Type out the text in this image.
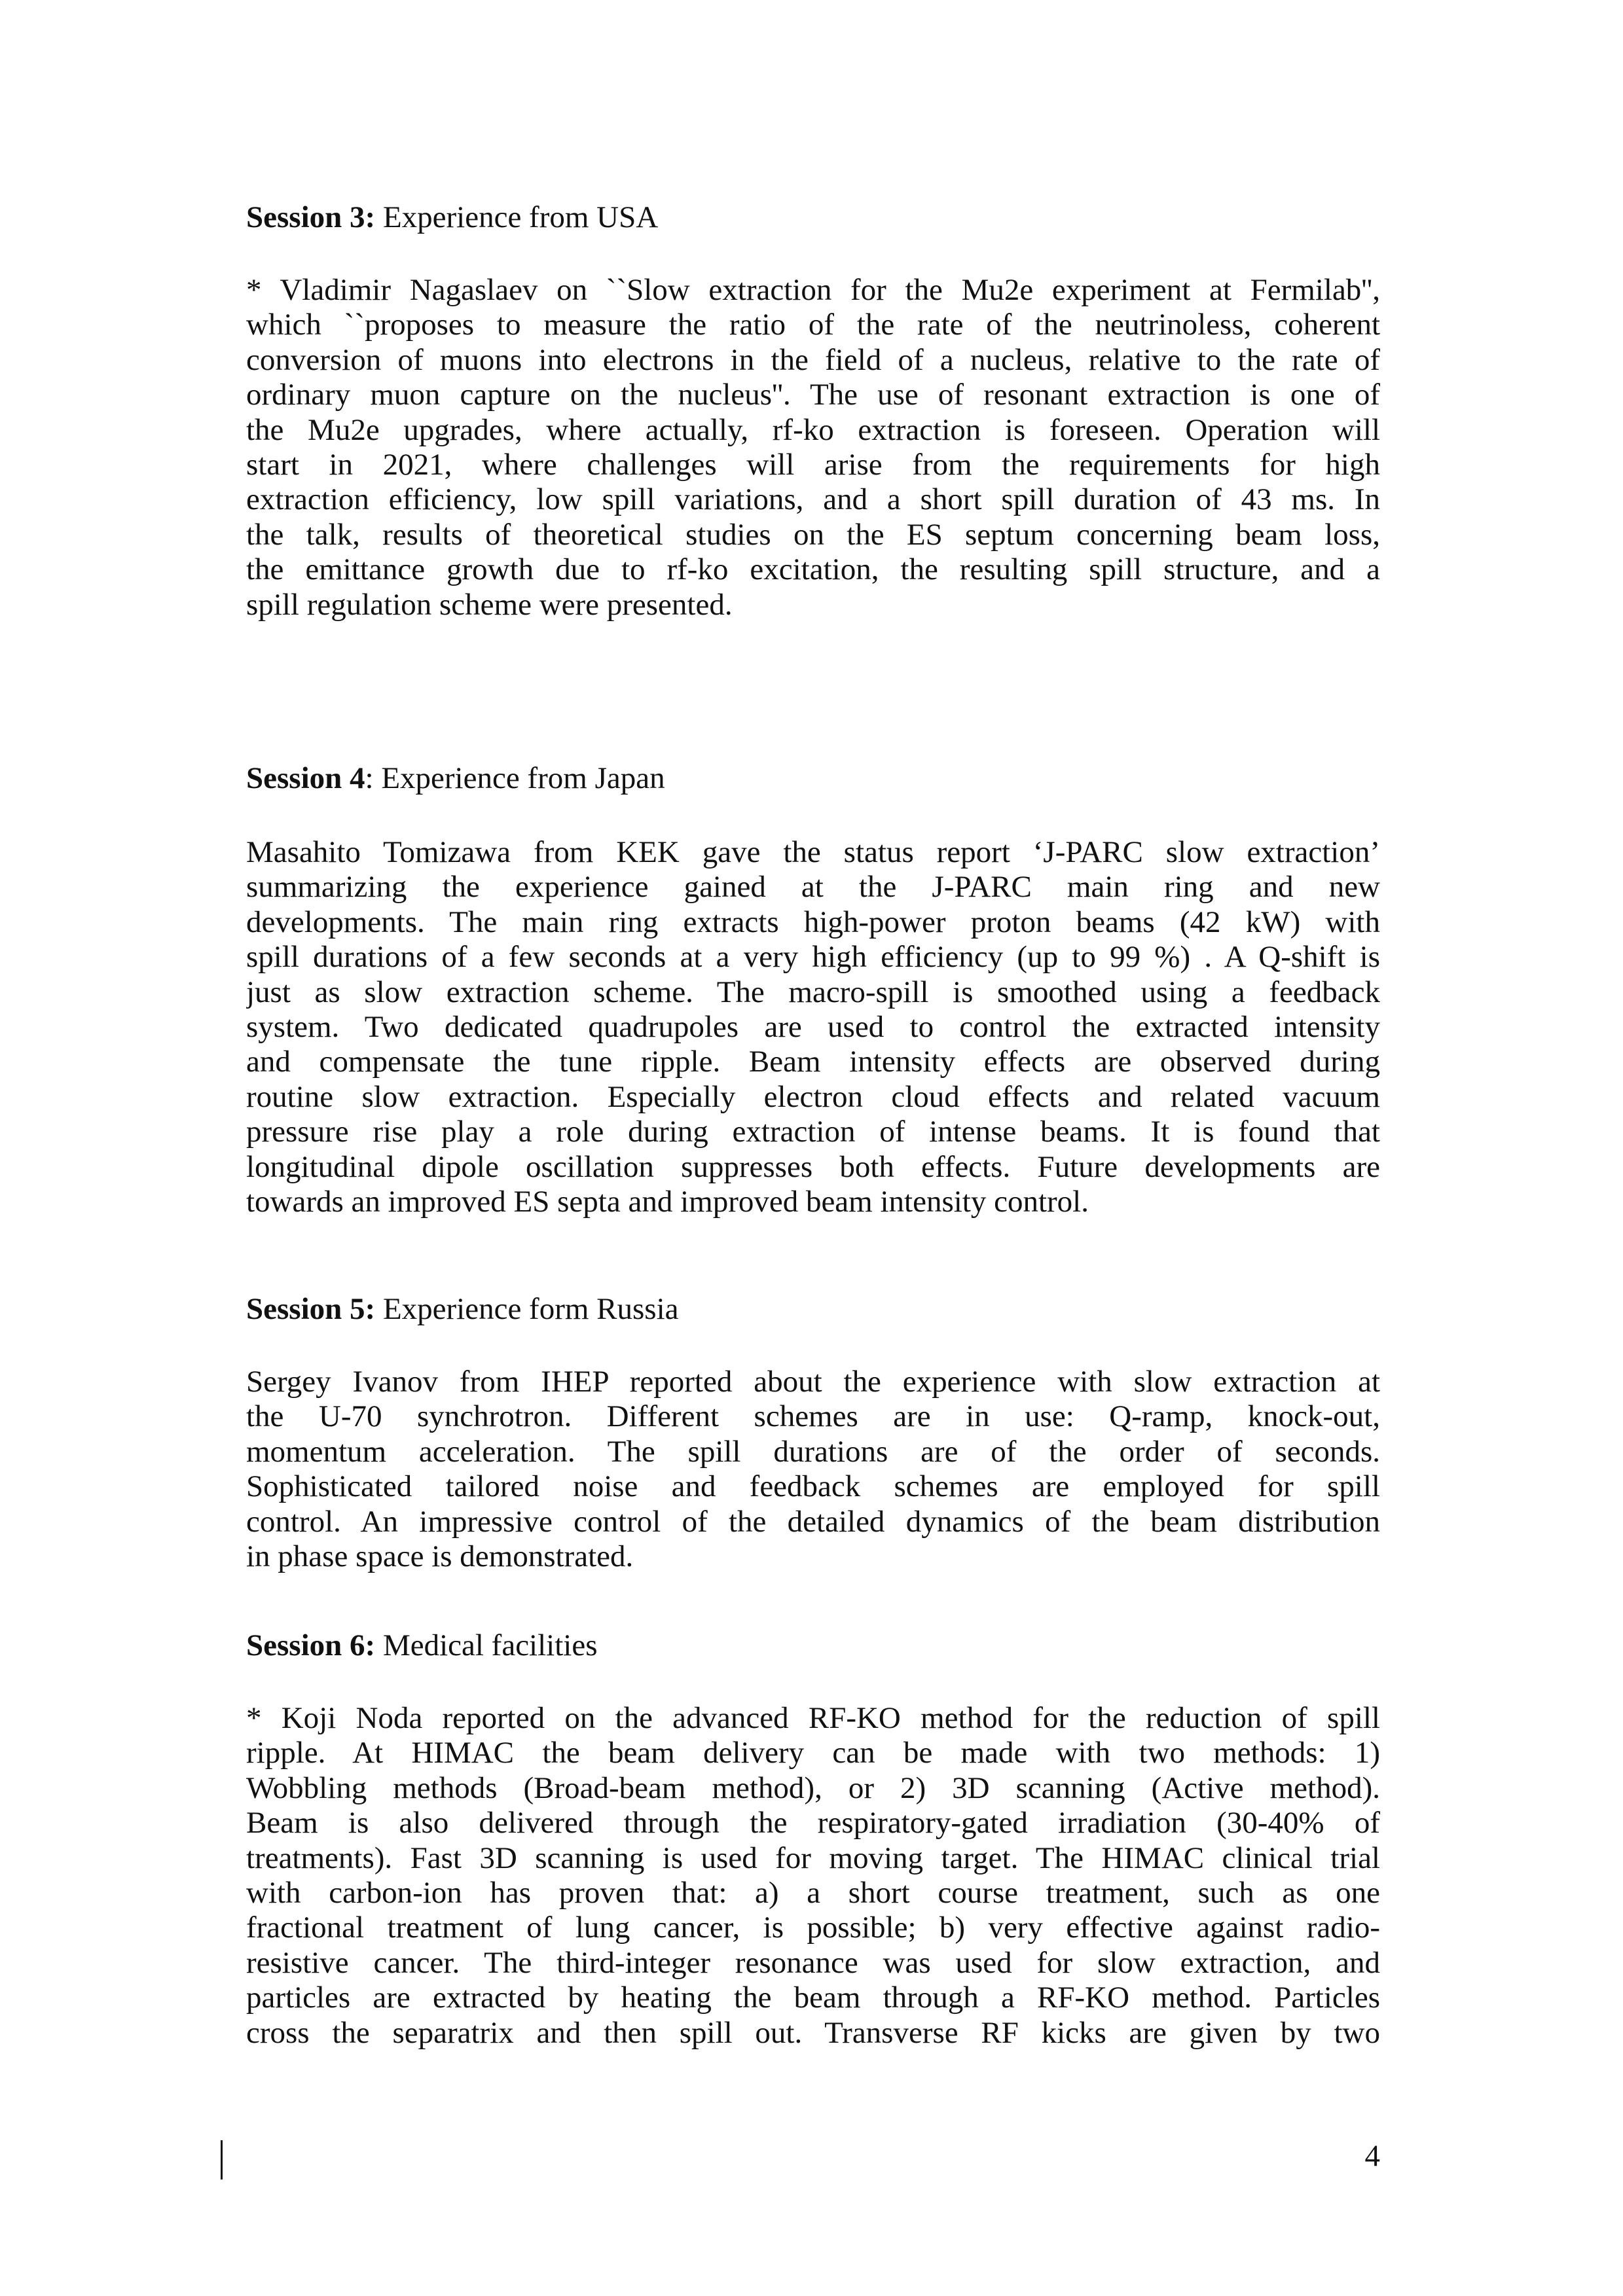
Session 3: Experience from USA
* Vladimir Nagaslaev on ``Slow extraction for the Mu2e experiment at Fermilab'',
which ``proposes to measure the ratio of the rate of the neutrinoless, coherent
conversion of muons into electrons in the field of a nucleus, relative to the rate of
ordinary muon capture on the nucleus''. The use of resonant extraction is one of
the Mu2e upgrades, where actually, rf-ko extraction is foreseen. Operation will
start in 2021, where challenges will arise from the requirements for high
extraction efficiency, low spill variations, and a short spill duration of 43 ms. In
the talk, results of theoretical studies on the ES septum concerning beam loss,
the emittance growth due to rf-ko excitation, the resulting spill structure, and a
spill regulation scheme were presented.
Session 4: Experience from Japan
Masahito Tomizawa from KEK gave the status report ‘J-PARC slow extraction’
summarizing the experience gained at the J-PARC main ring and new
developments. The main ring extracts high-power proton beams (42 kW) with
spill durations of a few seconds at a very high efficiency (up to 99 %) . A Q-shift is
just as slow extraction scheme. The macro-spill is smoothed using a feedback
system. Two dedicated quadrupoles are used to control the extracted intensity
and compensate the tune ripple. Beam intensity effects are observed during
routine slow extraction. Especially electron cloud effects and related vacuum
pressure rise play a role during extraction of intense beams. It is found that
longitudinal dipole oscillation suppresses both effects. Future developments are
towards an improved ES septa and improved beam intensity control.
Session 5: Experience form Russia
Sergey Ivanov from IHEP reported about the experience with slow extraction at
the U-70 synchrotron. Different schemes are in use: Q-ramp, knock-out,
momentum acceleration. The spill durations are of the order of seconds.
Sophisticated tailored noise and feedback schemes are employed for spill
control. An impressive control of the detailed dynamics of the beam distribution
in phase space is demonstrated.
Session 6: Medical facilities
* Koji Noda reported on the advanced RF-KO method for the reduction of spill
ripple. At HIMAC the beam delivery can be made with two methods: 1)
Wobbling methods (Broad-beam method), or 2) 3D scanning (Active method).
Beam is also delivered through the respiratory-gated irradiation (30-40% of
treatments). Fast 3D scanning is used for moving target. The HIMAC clinical trial
with carbon-ion has proven that: a) a short course treatment, such as one
fractional treatment of lung cancer, is possible; b) very effective against radio-
resistive cancer. The third-integer resonance was used for slow extraction, and
particles are extracted by heating the beam through a RF-KO method. Particles
cross the separatrix and then spill out. Transverse RF kicks are given by two
4
